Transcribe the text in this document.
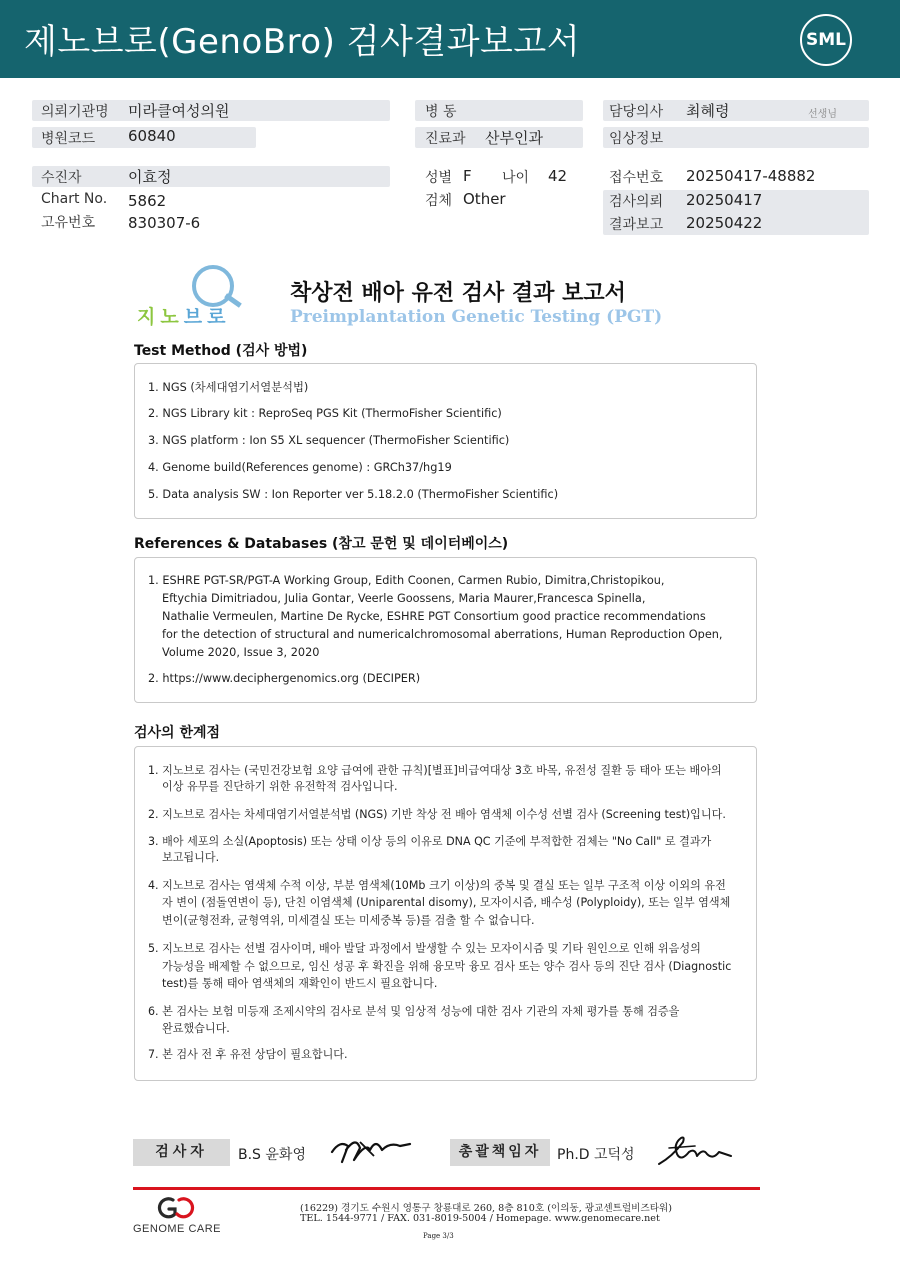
제노브로(GenoBro) 검사결과보고서	SML
의뢰기관명 미라클여성의원
병원코드 60840
병 동
진료과 산부인과
담당의사 최혜령	선생님
임상정보
수진자	이효정
Chart No. 5862
고유번호 830307-6
성별 F 나이 42
검체 Other
접수번호 20250417-48882
검사의뢰 20250417
결과보고 20250422
지노브로
착상전 배아 유전 검사 결과 보고서
Preimplantation Genetic Testing (PGT)
Test Method (검사 방법)
1. NGS (차세대염기서열분석법)
2. NGS Library kit : ReproSeq PGS Kit (ThermoFisher Scientific)
3. NGS platform : Ion S5 XL sequencer (ThermoFisher Scientific)
4. Genome build(References genome) : GRCh37/hg19
5. Data analysis SW : Ion Reporter ver 5.18.2.0 (ThermoFisher Scientific)
References & Databases (참고 문헌 및 데이터베이스)
1. ESHRE PGT-SR/PGT-A Working Group, Edith Coonen, Carmen Rubio, Dimitra,Christopikou,
Eftychia Dimitriadou, Julia Gontar, Veerle Goossens, Maria Maurer,Francesca Spinella,
Nathalie Vermeulen, Martine De Rycke, ESHRE PGT Consortium good practice recommendations
for the detection of structural and numericalchromosomal aberrations, Human Reproduction Open,
Volume 2020, Issue 3, 2020
2. https://www.deciphergenomics.org (DECIPER)
검사의 한계점
1. 지노브로 검사는 (국민건강보험 요양 급여에 관한 규칙)[별표]비급여대상 3호 바목, 유전성 질환 등 태아 또는 배아의
이상 유무를 진단하기 위한 유전학적 검사입니다.
2. 지노브로 검사는 차세대염기서열분석법 (NGS) 기반 착상 전 배아 염색체 이수성 선별 검사 (Screening test)입니다.
3. 배아 세포의 소실(Apoptosis) 또는 상태 이상 등의 이유로 DNA QC 기준에 부적합한 검체는 "No Call" 로 결과가
보고됩니다.
4. 지노브로 검사는 염색체 수적 이상, 부분 염색체(10Mb 크기 이상)의 중복 및 결실 또는 일부 구조적 이상 이외의 유전
자 변이 (점돌연변이 등), 단친 이염색체 (Uniparental disomy), 모자이시즘, 배수성 (Polyploidy), 또는 일부 염색체
변이(균형전좌, 균형역위, 미세결실 또는 미세중복 등)를 검출 할 수 없습니다.
5. 지노브로 검사는 선별 검사이며, 배아 발달 과정에서 발생할 수 있는 모자이시즘 및 기타 원인으로 인해 위음성의
가능성을 배제할 수 없으므로, 임신 성공 후 확진을 위해 융모막 융모 검사 또는 양수 검사 등의 진단 검사 (Diagnostic
test)를 통해 태아 염색체의 재확인이 반드시 필요합니다.
6. 본 검사는 보험 미등재 조제시약의 검사로 분석 및 임상적 성능에 대한 검사 기관의 자체 평가를 통해 검증을
완료했습니다.
7. 본 검사 전 후 유전 상담이 필요합니다.
검사자	B.S 윤화영	총괄책임자	Ph.D 고덕성
GENOME CARE
(16229) 경기도 수원시 영통구 창룡대로 260, 8층 810호 (이의동, 광교센트럴비즈타워)
TEL. 1544-9771 / FAX. 031-8019-5004 / Homepage. www.genomecare.net
Page 3/3
